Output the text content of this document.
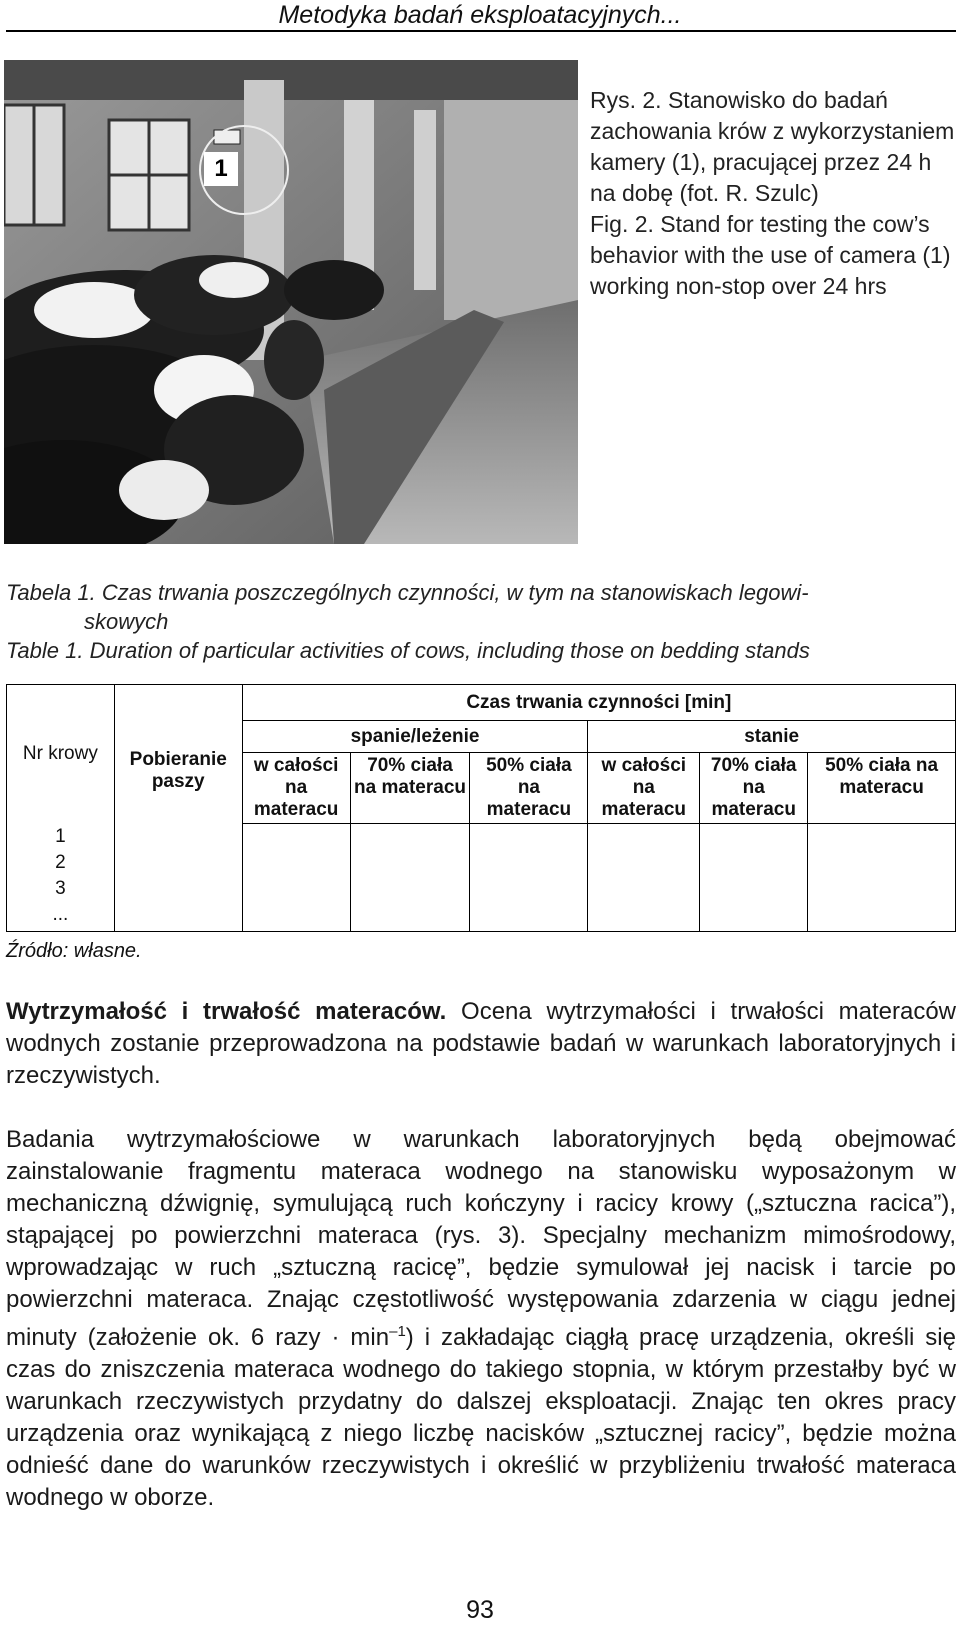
Metodyka badań eksploatacyjnych...
1

Rys. 2. Stanowisko do badań zachowania krów z wykorzystaniem kamery (1), pracującej przez 24 h na dobę (fot. R. Szulc)

Fig. 2. Stand for testing the cow’s behavior with the use of camera (1) working non-stop over 24 hrs

Tabela 1. Czas trwania poszczególnych czynności, w tym na stanowiskach legowi-

skowych

Table 1. Duration of particular activities of cows, including those on bedding stands

Nr krowy	Pobieranie paszy	Czas trwania czynności [min]					
		spanie/leżenie			stanie		
		w całości na materacu	70% ciała na materacu	50% ciała na materacu	w całości na materacu	70% ciała na materacu	50% ciała na materacu

1
2
3
...							

Źródło: własne.

Wytrzymałość i trwałość materaców. Ocena wytrzymałości i trwałości materaców wodnych zostanie przeprowadzona na podstawie badań w warunkach laboratoryjnych i rzeczywistych.

Badania wytrzymałościowe w warunkach laboratoryjnych będą obejmować zainstalowanie fragmentu materaca wodnego na stanowisku wyposażonym w mechaniczną dźwignię, symulującą ruch kończyny i racicy krowy („sztuczna racica”), stąpającej po powierzchni materaca (rys. 3). Specjalny mechanizm mimośrodowy, wprowadzając w ruch „sztuczną racicę”, będzie symulował jej nacisk i tarcie po powierzchni materaca. Znając częstotliwość występowania zdarzenia w ciągu jednej minuty (założenie ok. 6 razy · $\min^{-1}$) i zakładając ciągłą pracę urządzenia, określi się czas do zniszczenia materaca wodnego do takiego stopnia, w którym przestałby być w warunkach rzeczywistych przydatny do dalszej eksploatacji. Znając ten okres pracy urządzenia oraz wynikającą z niego liczbę nacisków „sztucznej racicy”, będzie można odnieść dane do warunków rzeczywistych i określić w przybliżeniu trwałość materaca wodnego w oborze.

93
